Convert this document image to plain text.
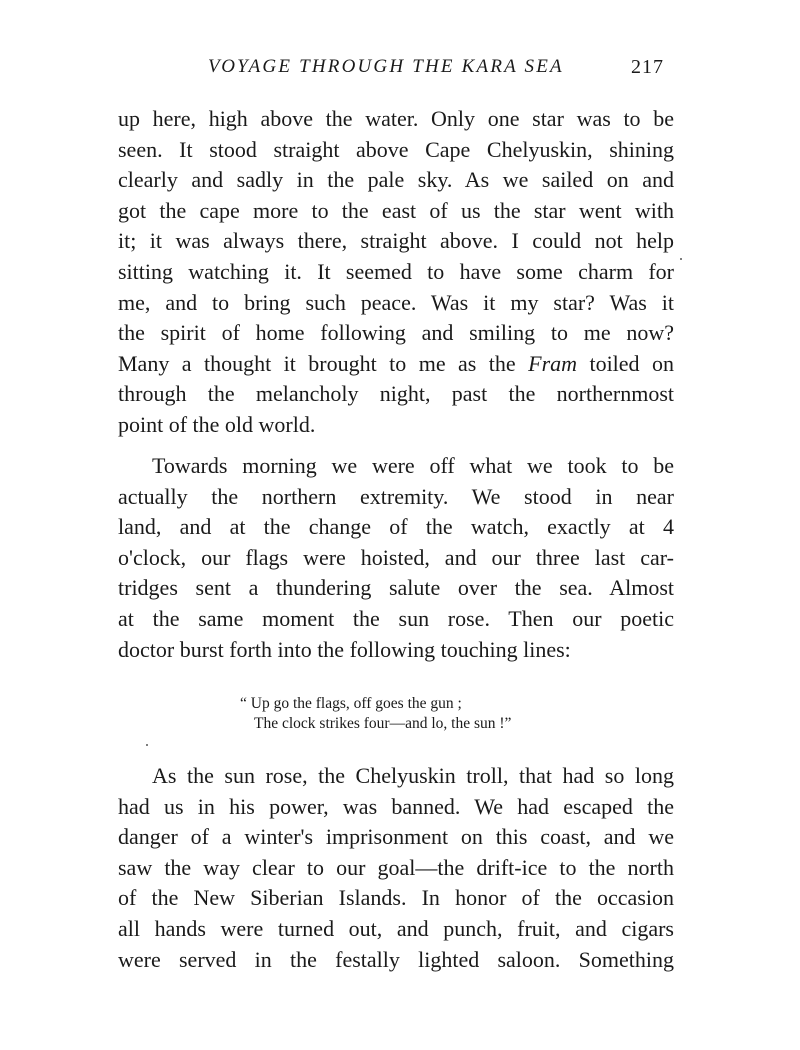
VOYAGE THROUGH THE KARA SEA	217
up here, high above the water. Only one star was to be
seen. It stood straight above Cape Chelyuskin, shining
clearly and sadly in the pale sky. As we sailed on and
got the cape more to the east of us the star went with
it; it was always there, straight above. I could not help
sitting watching it. It seemed to have some charm for
me, and to bring such peace. Was it my star? Was it
the spirit of home following and smiling to me now?
Many a thought it brought to me as the Fram toiled on
through the melancholy night, past the northernmost
point of the old world.
Towards morning we were off what we took to be
actually the northern extremity. We stood in near
land, and at the change of the watch, exactly at 4
o'clock, our flags were hoisted, and our three last car-
tridges sent a thundering salute over the sea. Almost
at the same moment the sun rose. Then our poetic
doctor burst forth into the following touching lines:
“ Up go the flags, off goes the gun ;
The clock strikes four—and lo, the sun !”
As the sun rose, the Chelyuskin troll, that had so long
had us in his power, was banned. We had escaped the
danger of a winter's imprisonment on this coast, and we
saw the way clear to our goal—the drift-ice to the north
of the New Siberian Islands. In honor of the occasion
all hands were turned out, and punch, fruit, and cigars
were served in the festally lighted saloon. Something
